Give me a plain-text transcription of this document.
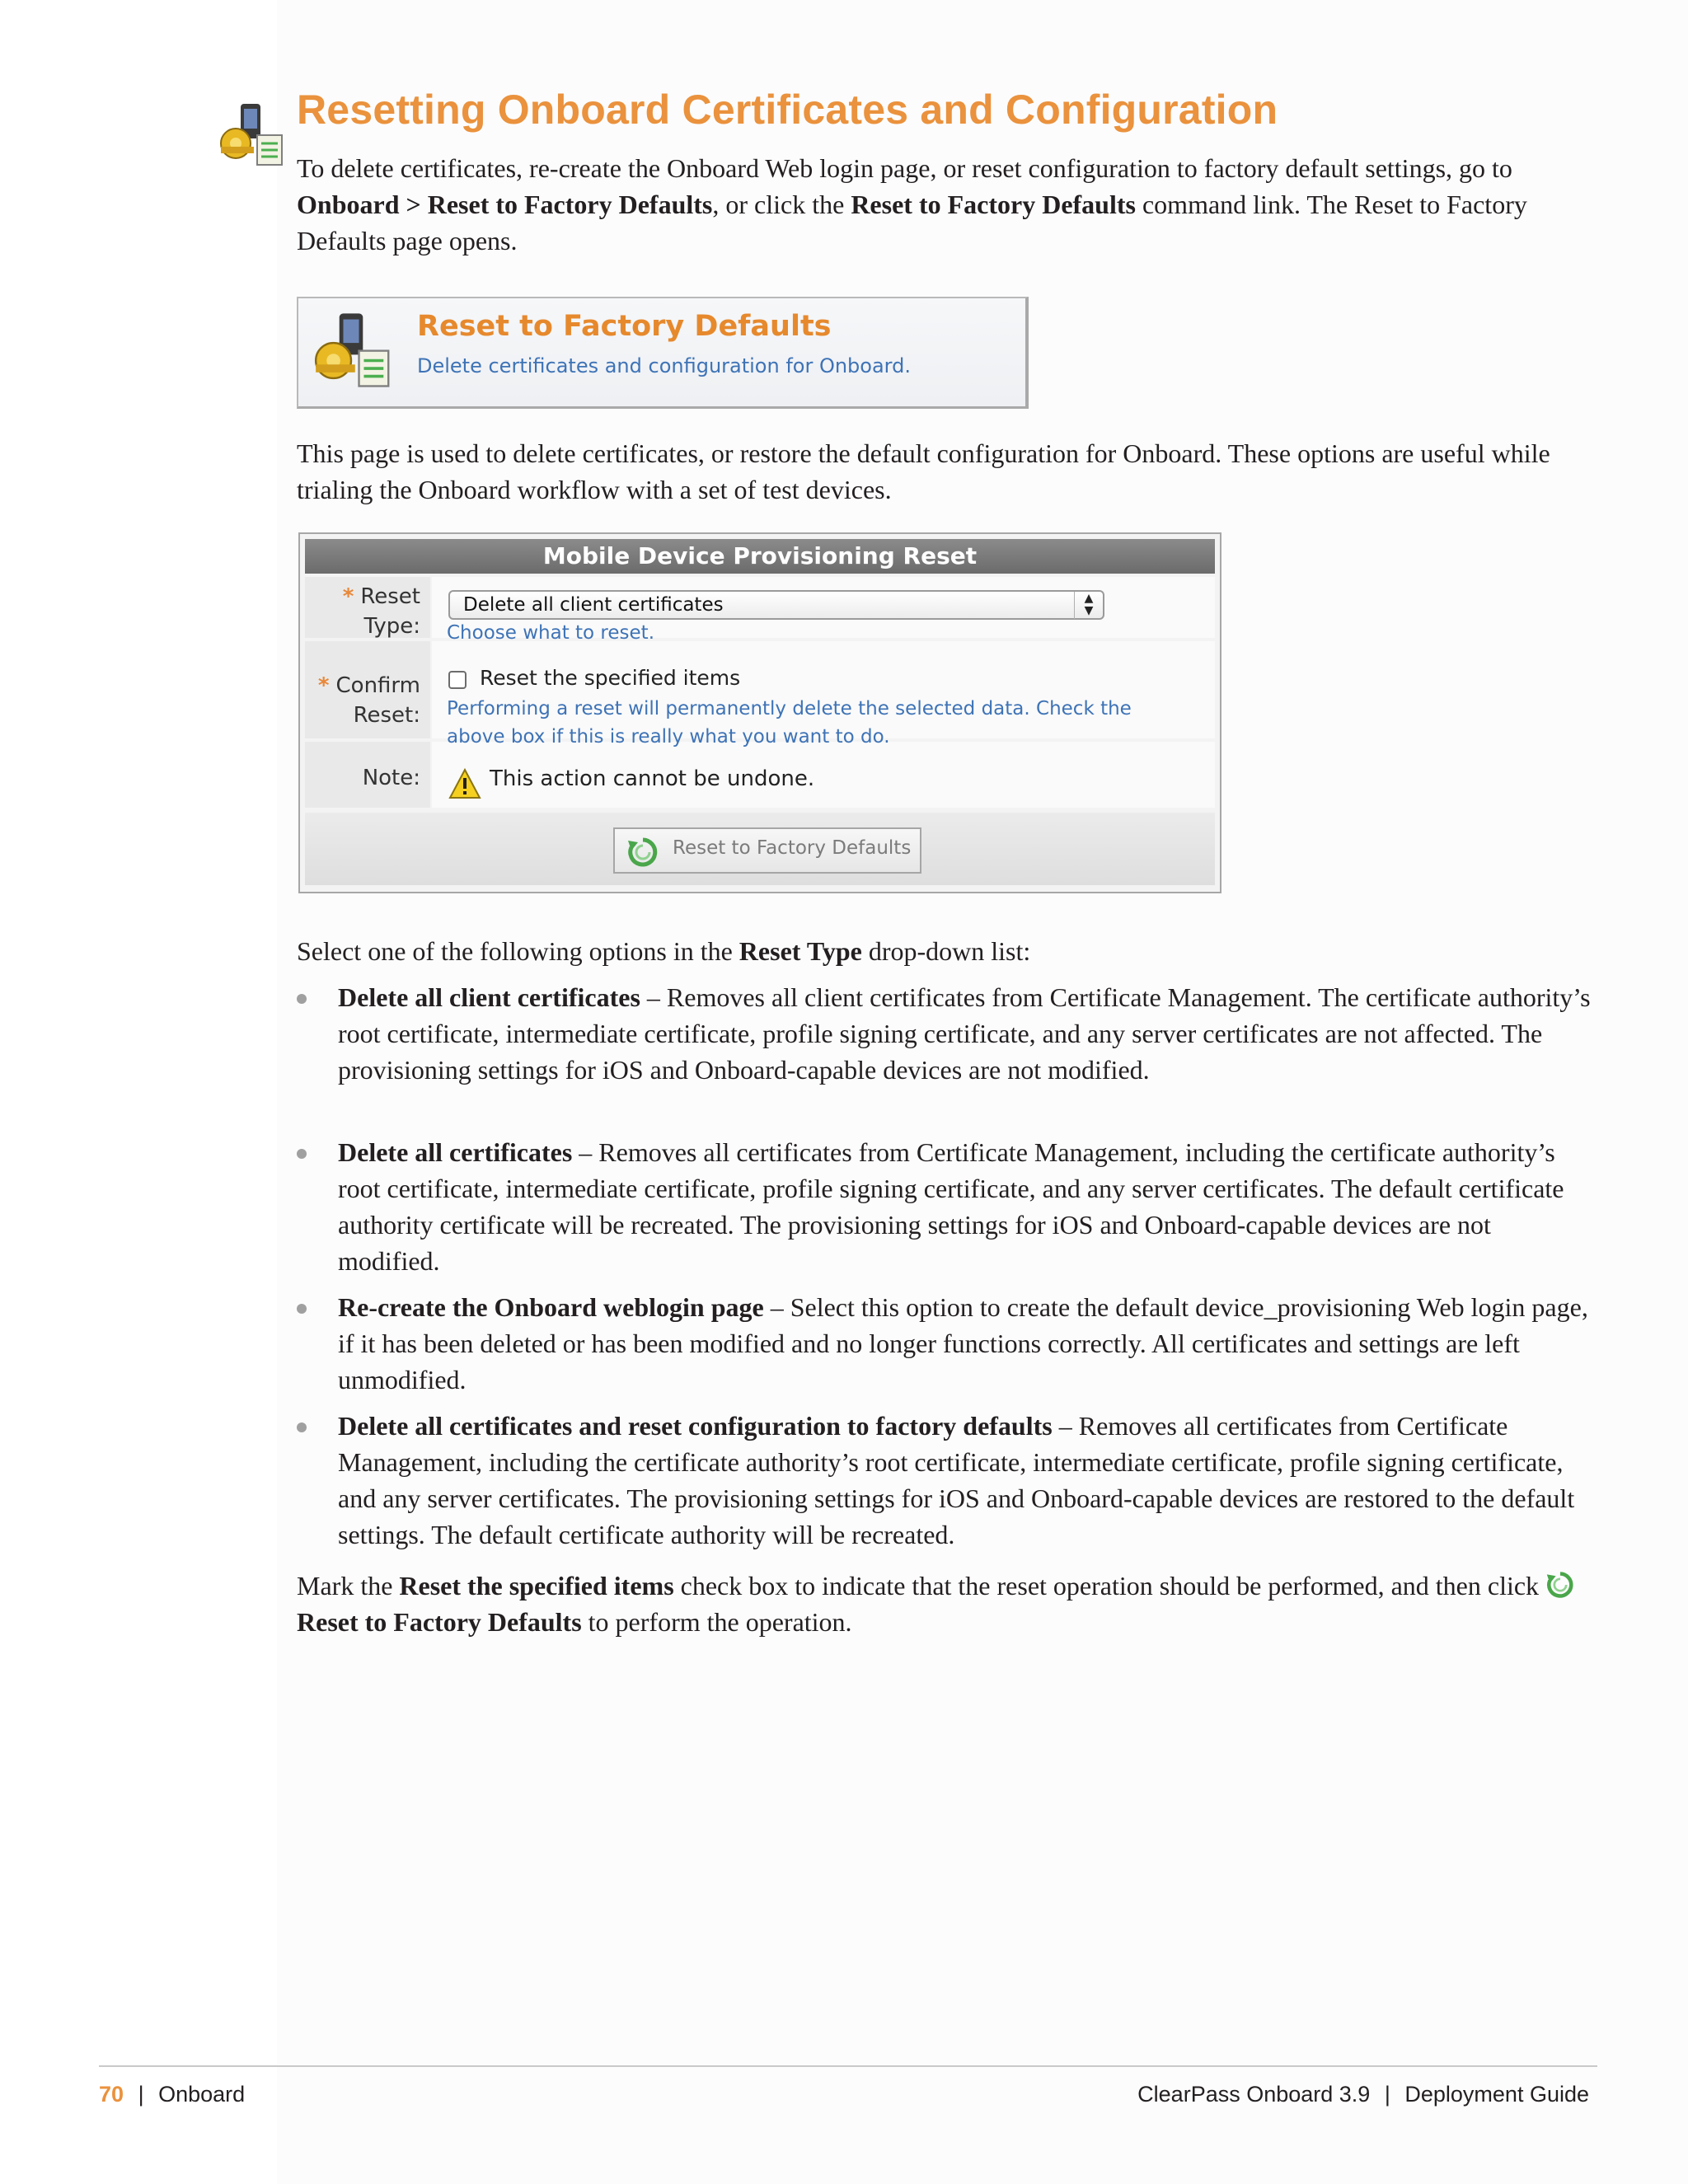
Resetting Onboard Certificates and Configuration

To delete certificates, re-create the Onboard Web login page, or reset configuration to factory default settings, go to Onboard > Reset to Factory Defaults, or click the Reset to Factory Defaults command link. The Reset to Factory Defaults page opens.

Reset to Factory Defaults
Delete certificates and configuration for Onboard.

This page is used to delete certificates, or restore the default configuration for Onboard. These options are useful while trialing the Onboard workflow with a set of test devices.

Mobile Device Provisioning Reset
* Reset
Type:
Delete all client certificates	▲
▼
Choose what to reset.
* Confirm
Reset:
Reset the specified items
Performing a reset will permanently delete the selected data. Check the
above box if this is really what you want to do.
Note:	This action cannot be undone.
Reset to Factory Defaults

Select one of the following options in the Reset Type drop-down list:

Delete all client certificates – Removes all client certificates from Certificate Management. The certificate authority’s root certificate, intermediate certificate, profile signing certificate, and any server certificates are not affected. The provisioning settings for iOS and Onboard-capable devices are not modified.

Delete all certificates – Removes all certificates from Certificate Management, including the certificate authority’s root certificate, intermediate certificate, profile signing certificate, and any server certificates. The default certificate authority certificate will be recreated. The provisioning settings for iOS and Onboard-capable devices are not modified.

Re-create the Onboard weblogin page – Select this option to create the default device_provisioning Web login page, if it has been deleted or has been modified and no longer functions correctly. All certificates and settings are left unmodified.

Delete all certificates and reset configuration to factory defaults – Removes all certificates from Certificate Management, including the certificate authority’s root certificate, intermediate certificate, profile signing certificate, and any server certificates. The provisioning settings for iOS and Onboard-capable devices are restored to the default settings. The default certificate authority will be recreated.

Mark the Reset the specified items check box to indicate that the reset operation should be performed, and then click Reset to Factory Defaults to perform the operation.

70 | Onboard	ClearPass Onboard 3.9 | Deployment Guide
